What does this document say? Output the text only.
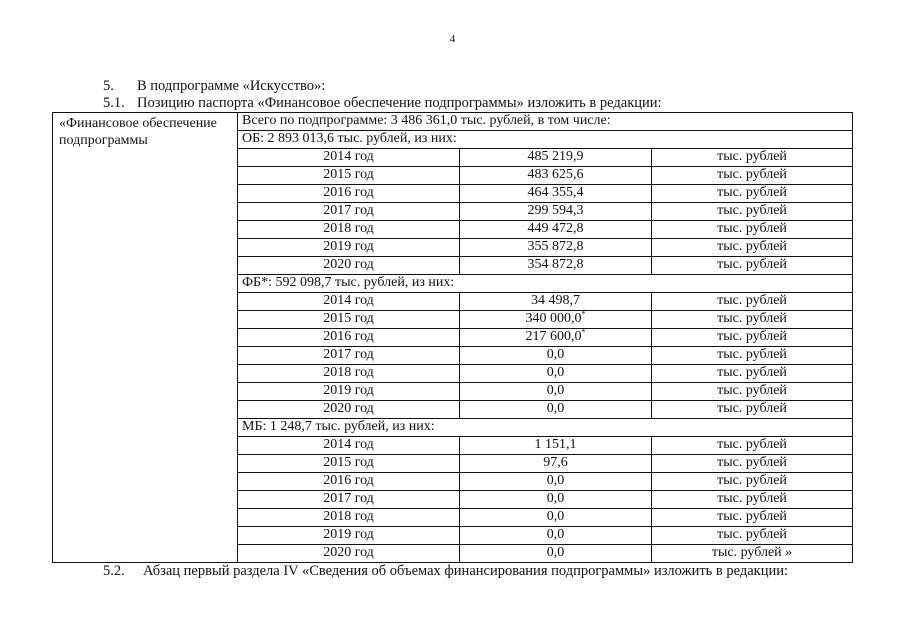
4
5. В подпрограмме «Искусство»:
5.1. Позицию паспорта «Финансовое обеспечение подпрограммы» изложить в редакции:
«Финансовое обеспечение подпрограммы	Всего по подпрограмме: 3 486 361,0 тыс. рублей, в том числе:		
	ОБ: 2 893 013,6 тыс. рублей, из них:		
	2014 год	485 219,9	тыс. рублей
	2015 год	483 625,6	тыс. рублей
	2016 год	464 355,4	тыс. рублей
	2017 год	299 594,3	тыс. рублей
	2018 год	449 472,8	тыс. рублей
	2019 год	355 872,8	тыс. рублей
	2020 год	354 872,8	тыс. рублей
	ФБ*: 592 098,7 тыс. рублей, из них:		
	2014 год	34 498,7	тыс. рублей
	2015 год	340 000,0*	тыс. рублей
	2016 год	217 600,0*	тыс. рублей
	2017 год	0,0	тыс. рублей
	2018 год	0,0	тыс. рублей
	2019 год	0,0	тыс. рублей
	2020 год	0,0	тыс. рублей
	МБ: 1 248,7 тыс. рублей, из них:		
	2014 год	1 151,1	тыс. рублей
	2015 год	97,6	тыс. рублей
	2016 год	0,0	тыс. рублей
	2017 год	0,0	тыс. рублей
	2018 год	0,0	тыс. рублей
	2019 год	0,0	тыс. рублей
	2020 год	0,0	тыс. рублей »
5.2. Абзац первый раздела IV «Сведения об объемах финансирования подпрограммы» изложить в редакции:
